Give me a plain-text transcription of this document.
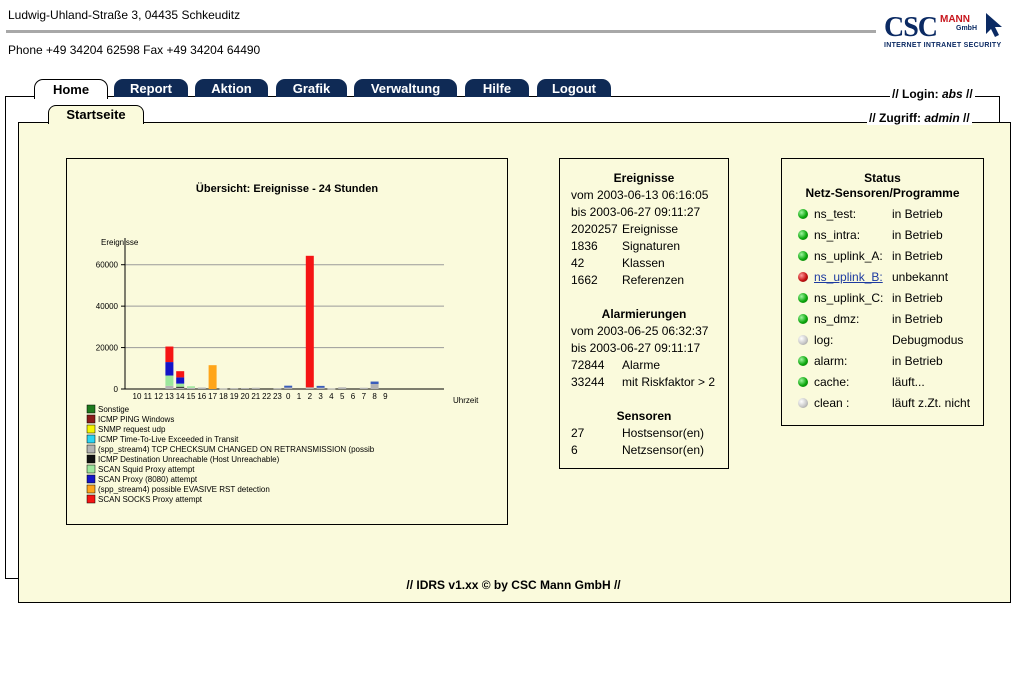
Ludwig-Uhland-Straße 3, 04435 Schkeuditz
Phone +49 34204 62598 Fax +49 34204 64490
CSC MANN
GmbH
INTERNET INTRANET SECURITY
Home	Report	Aktion	Grafik	Verwaltung	Hilfe	Logout	// Login: abs //
Startseite	// Zugriff: admin //
Übersicht: Ereignisse - 24 Stunden
Ereignisse
Uhrzeit
0
20000
40000
60000
10 11 12 13 14 15 16 17 18 19 20 21 22 23 0 1 2 3 4 5 6 7 8 9
Sonstige
ICMP PING Windows
SNMP request udp
ICMP Time-To-Live Exceeded in Transit
(spp_stream4) TCP CHECKSUM CHANGED ON RETRANSMISSION (possib
ICMP Destination Unreachable (Host Unreachable)
SCAN Squid Proxy attempt
SCAN Proxy (8080) attempt
(spp_stream4) possible EVASIVE RST detection
SCAN SOCKS Proxy attempt
Ereignisse
vom 2003-06-13 06:16:05
bis 2003-06-27 09:11:27
2020257 Ereignisse
1836 Signaturen
42	Klassen
1662 Referenzen
Alarmierungen
vom 2003-06-25 06:32:37
bis 2003-06-27 09:11:17
72844 Alarme
33244 mit Riskfaktor > 2
Sensoren
27	Hostsensor(en)
6	Netzsensor(en)
Status
Netz-Sensoren/Programme
ns_test:	in Betrieb
ns_intra:	in Betrieb
ns_uplink_A: in Betrieb
ns_uplink_B: unbekannt
ns_uplink_C: in Betrieb
ns_dmz:	in Betrieb
log:	Debugmodus
alarm:	in Betrieb
cache:	läuft...
clean :	läuft z.Zt. nicht
// IDRS v1.xx © by CSC Mann GmbH //
